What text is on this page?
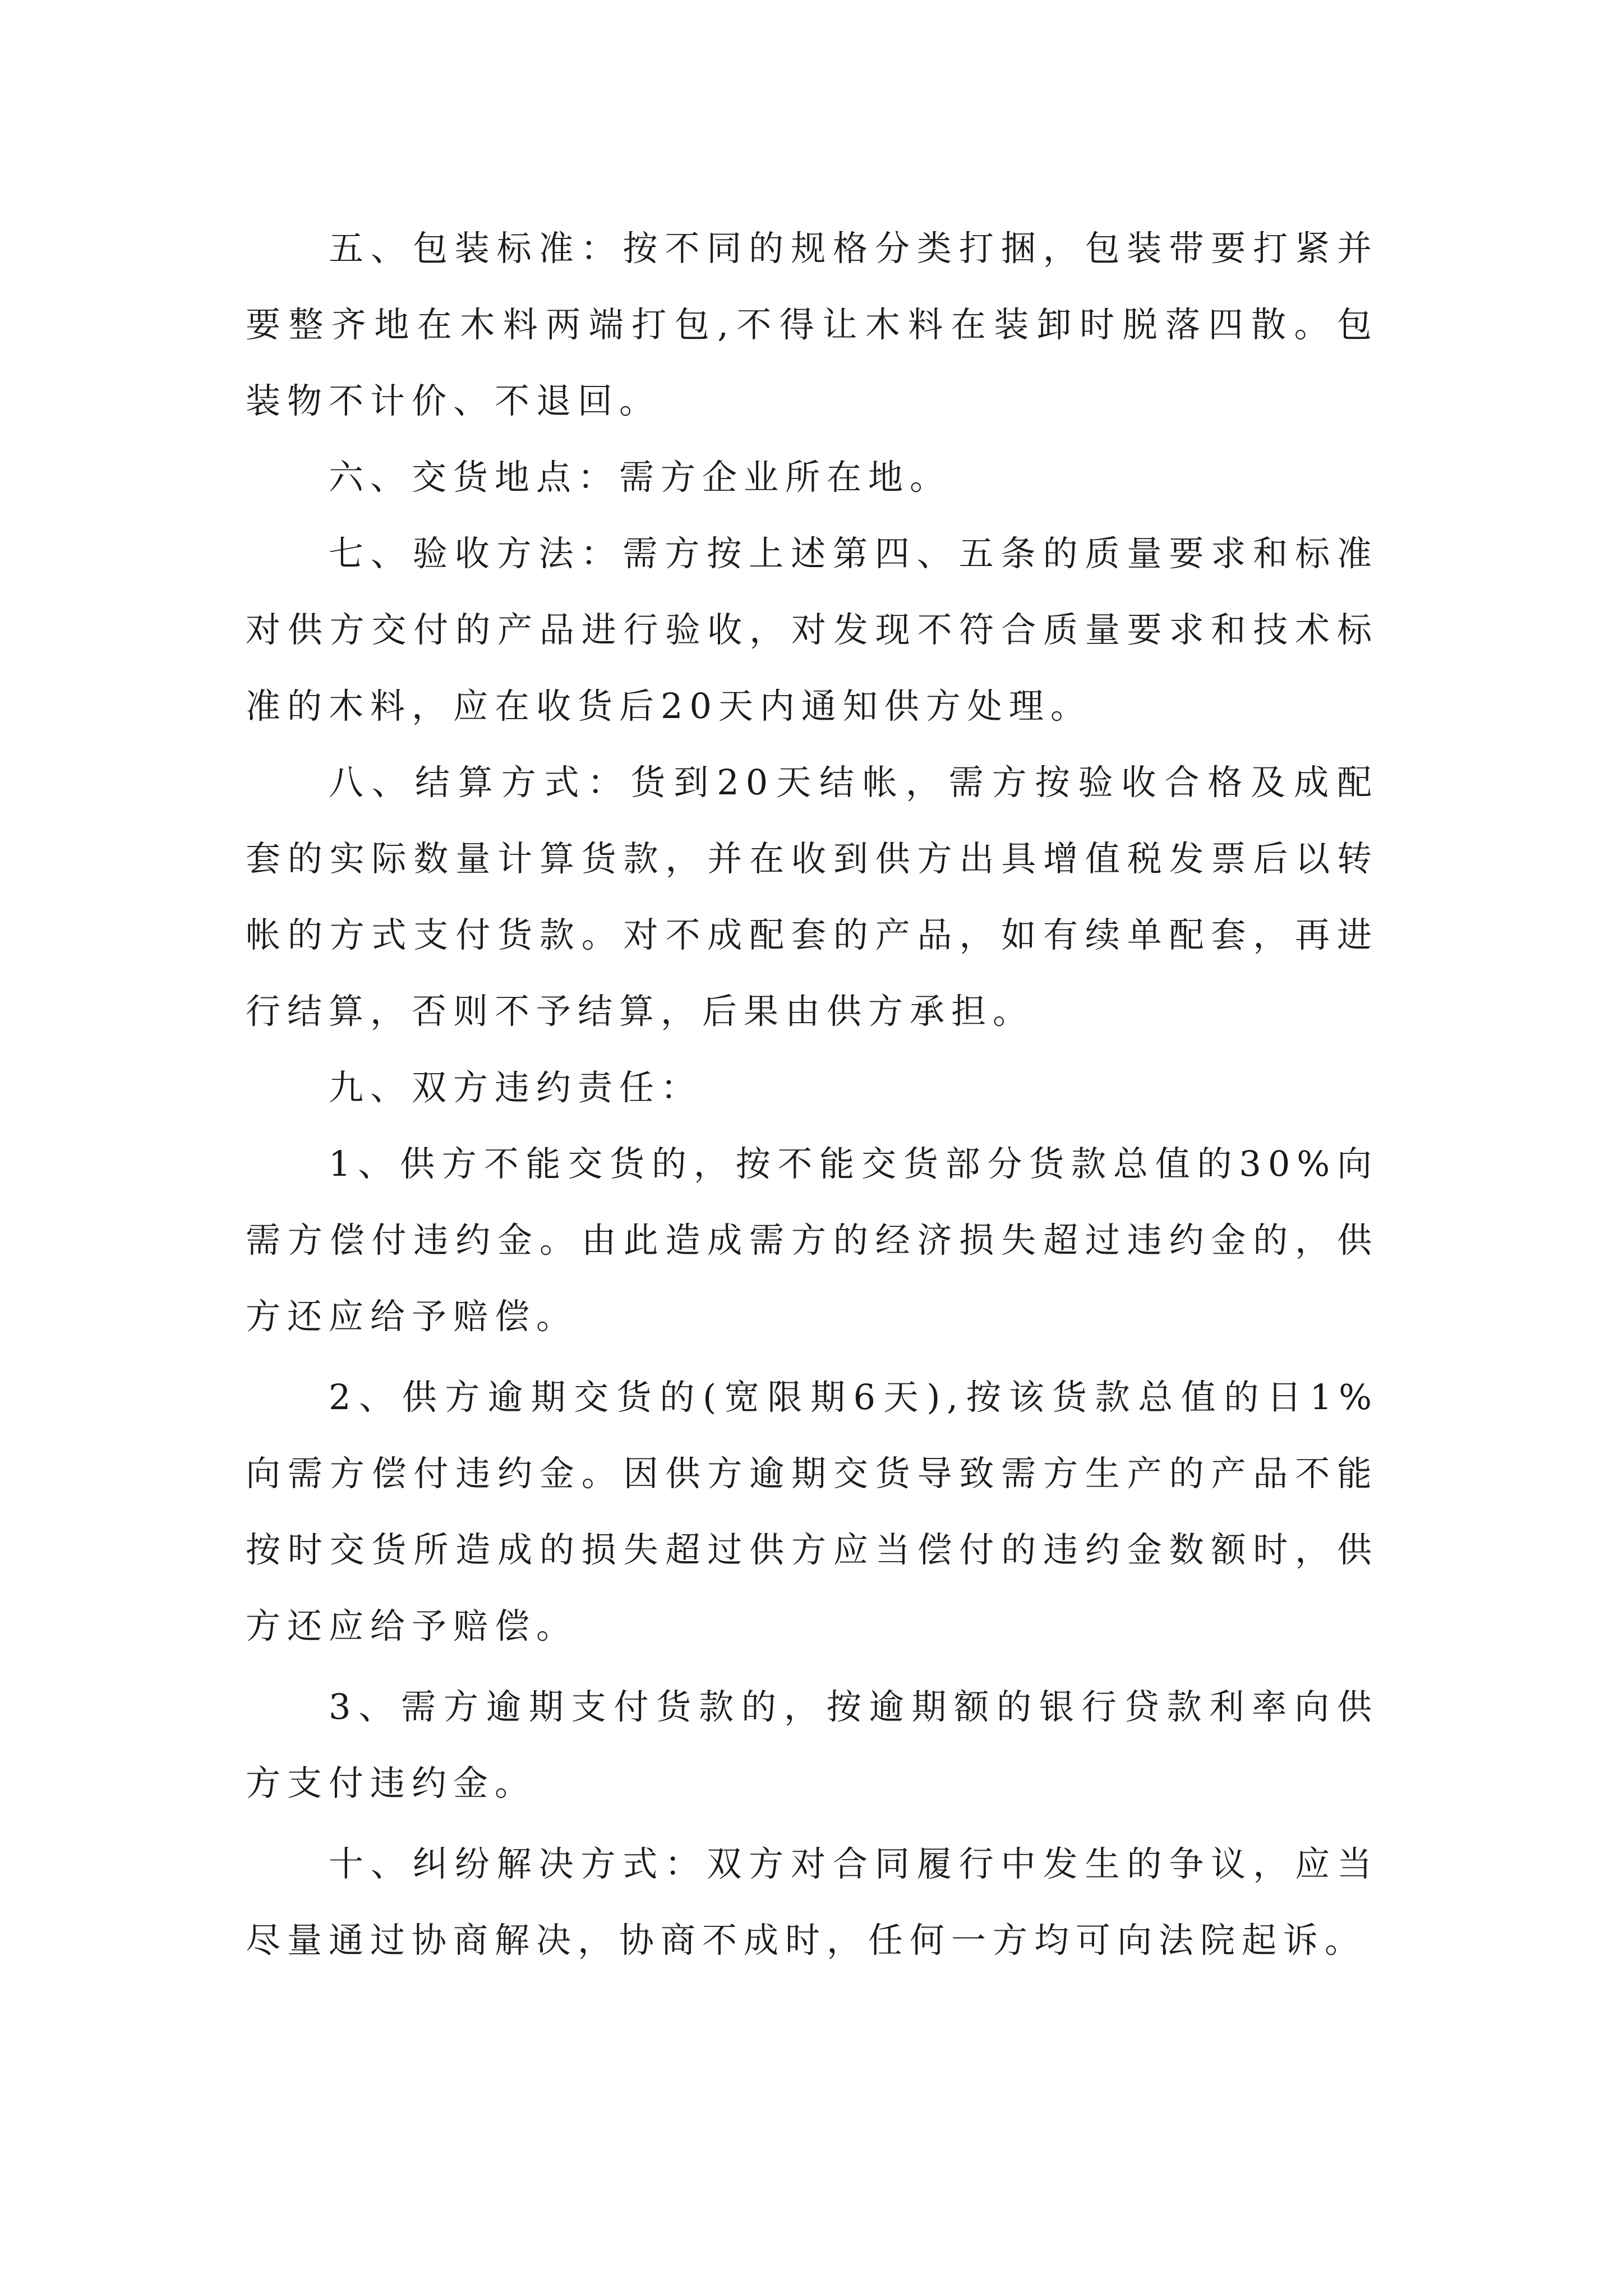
五、包装标准：按不同的规格分类打捆，包装带要打紧并要整齐地在木料两端打包,不得让木料在装卸时脱落四散。包装物不计价、不退回。

六、交货地点：需方企业所在地。

七、验收方法：需方按上述第四、五条的质量要求和标准对供方交付的产品进行验收，对发现不符合质量要求和技术标准的木料，应在收货后20天内通知供方处理。

八、结算方式：货到20天结帐，需方按验收合格及成配套的实际数量计算货款，并在收到供方出具增值税发票后以转帐的方式支付货款。对不成配套的产品，如有续单配套，再进行结算，否则不予结算，后果由供方承担。

九、双方违约责任：

1、供方不能交货的，按不能交货部分货款总值的30%向需方偿付违约金。由此造成需方的经济损失超过违约金的，供方还应给予赔偿。

2、供方逾期交货的(宽限期6天),按该货款总值的日1%向需方偿付违约金。因供方逾期交货导致需方生产的产品不能按时交货所造成的损失超过供方应当偿付的违约金数额时，供方还应给予赔偿。

3、需方逾期支付货款的，按逾期额的银行贷款利率向供方支付违约金。

十、纠纷解决方式：双方对合同履行中发生的争议，应当尽量通过协商解决，协商不成时，任何一方均可向法院起诉。
